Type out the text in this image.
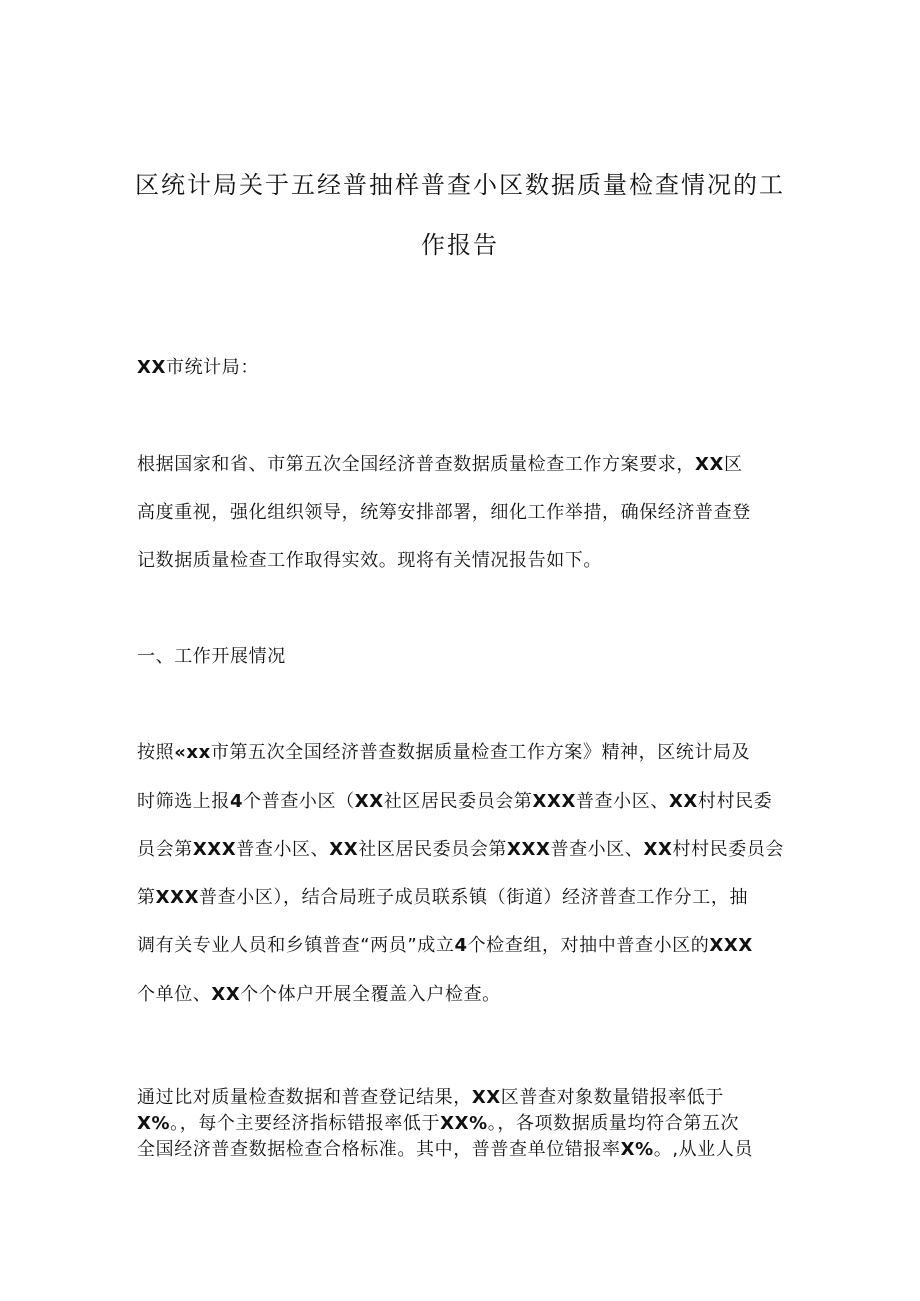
区统计局关于五经普抽样普查小区数据质量检查情况的工
作报告
XX市统计局：
根据国家和省、市第五次全国经济普查数据质量检查工作方案要求，XX区
高度重视，强化组织领导，统筹安排部署，细化工作举措，确保经济普查登
记数据质量检查工作取得实效。现将有关情况报告如下。
一、工作开展情况
按照«xx市第五次全国经济普查数据质量检查工作方案》精神，区统计局及
时筛选上报4个普查小区（XX社区居民委员会第XXX普查小区、XX村村民委
员会第XXX普查小区、XX社区居民委员会第XXX普查小区、XX村村民委员会
第XXX普查小区），结合局班子成员联系镇（街道）经济普查工作分工，抽
调有关专业人员和乡镇普查“两员”成立4个检查组，对抽中普查小区的XXX
个单位、XX个个体户开展全覆盖入户检查。
通过比对质量检查数据和普查登记结果，XX区普查对象数量错报率低于
X%。，每个主要经济指标错报率低于XX%。，各项数据质量均符合第五次
全国经济普查数据检查合格标准。其中，普普查单位错报率X%。,从业人员
